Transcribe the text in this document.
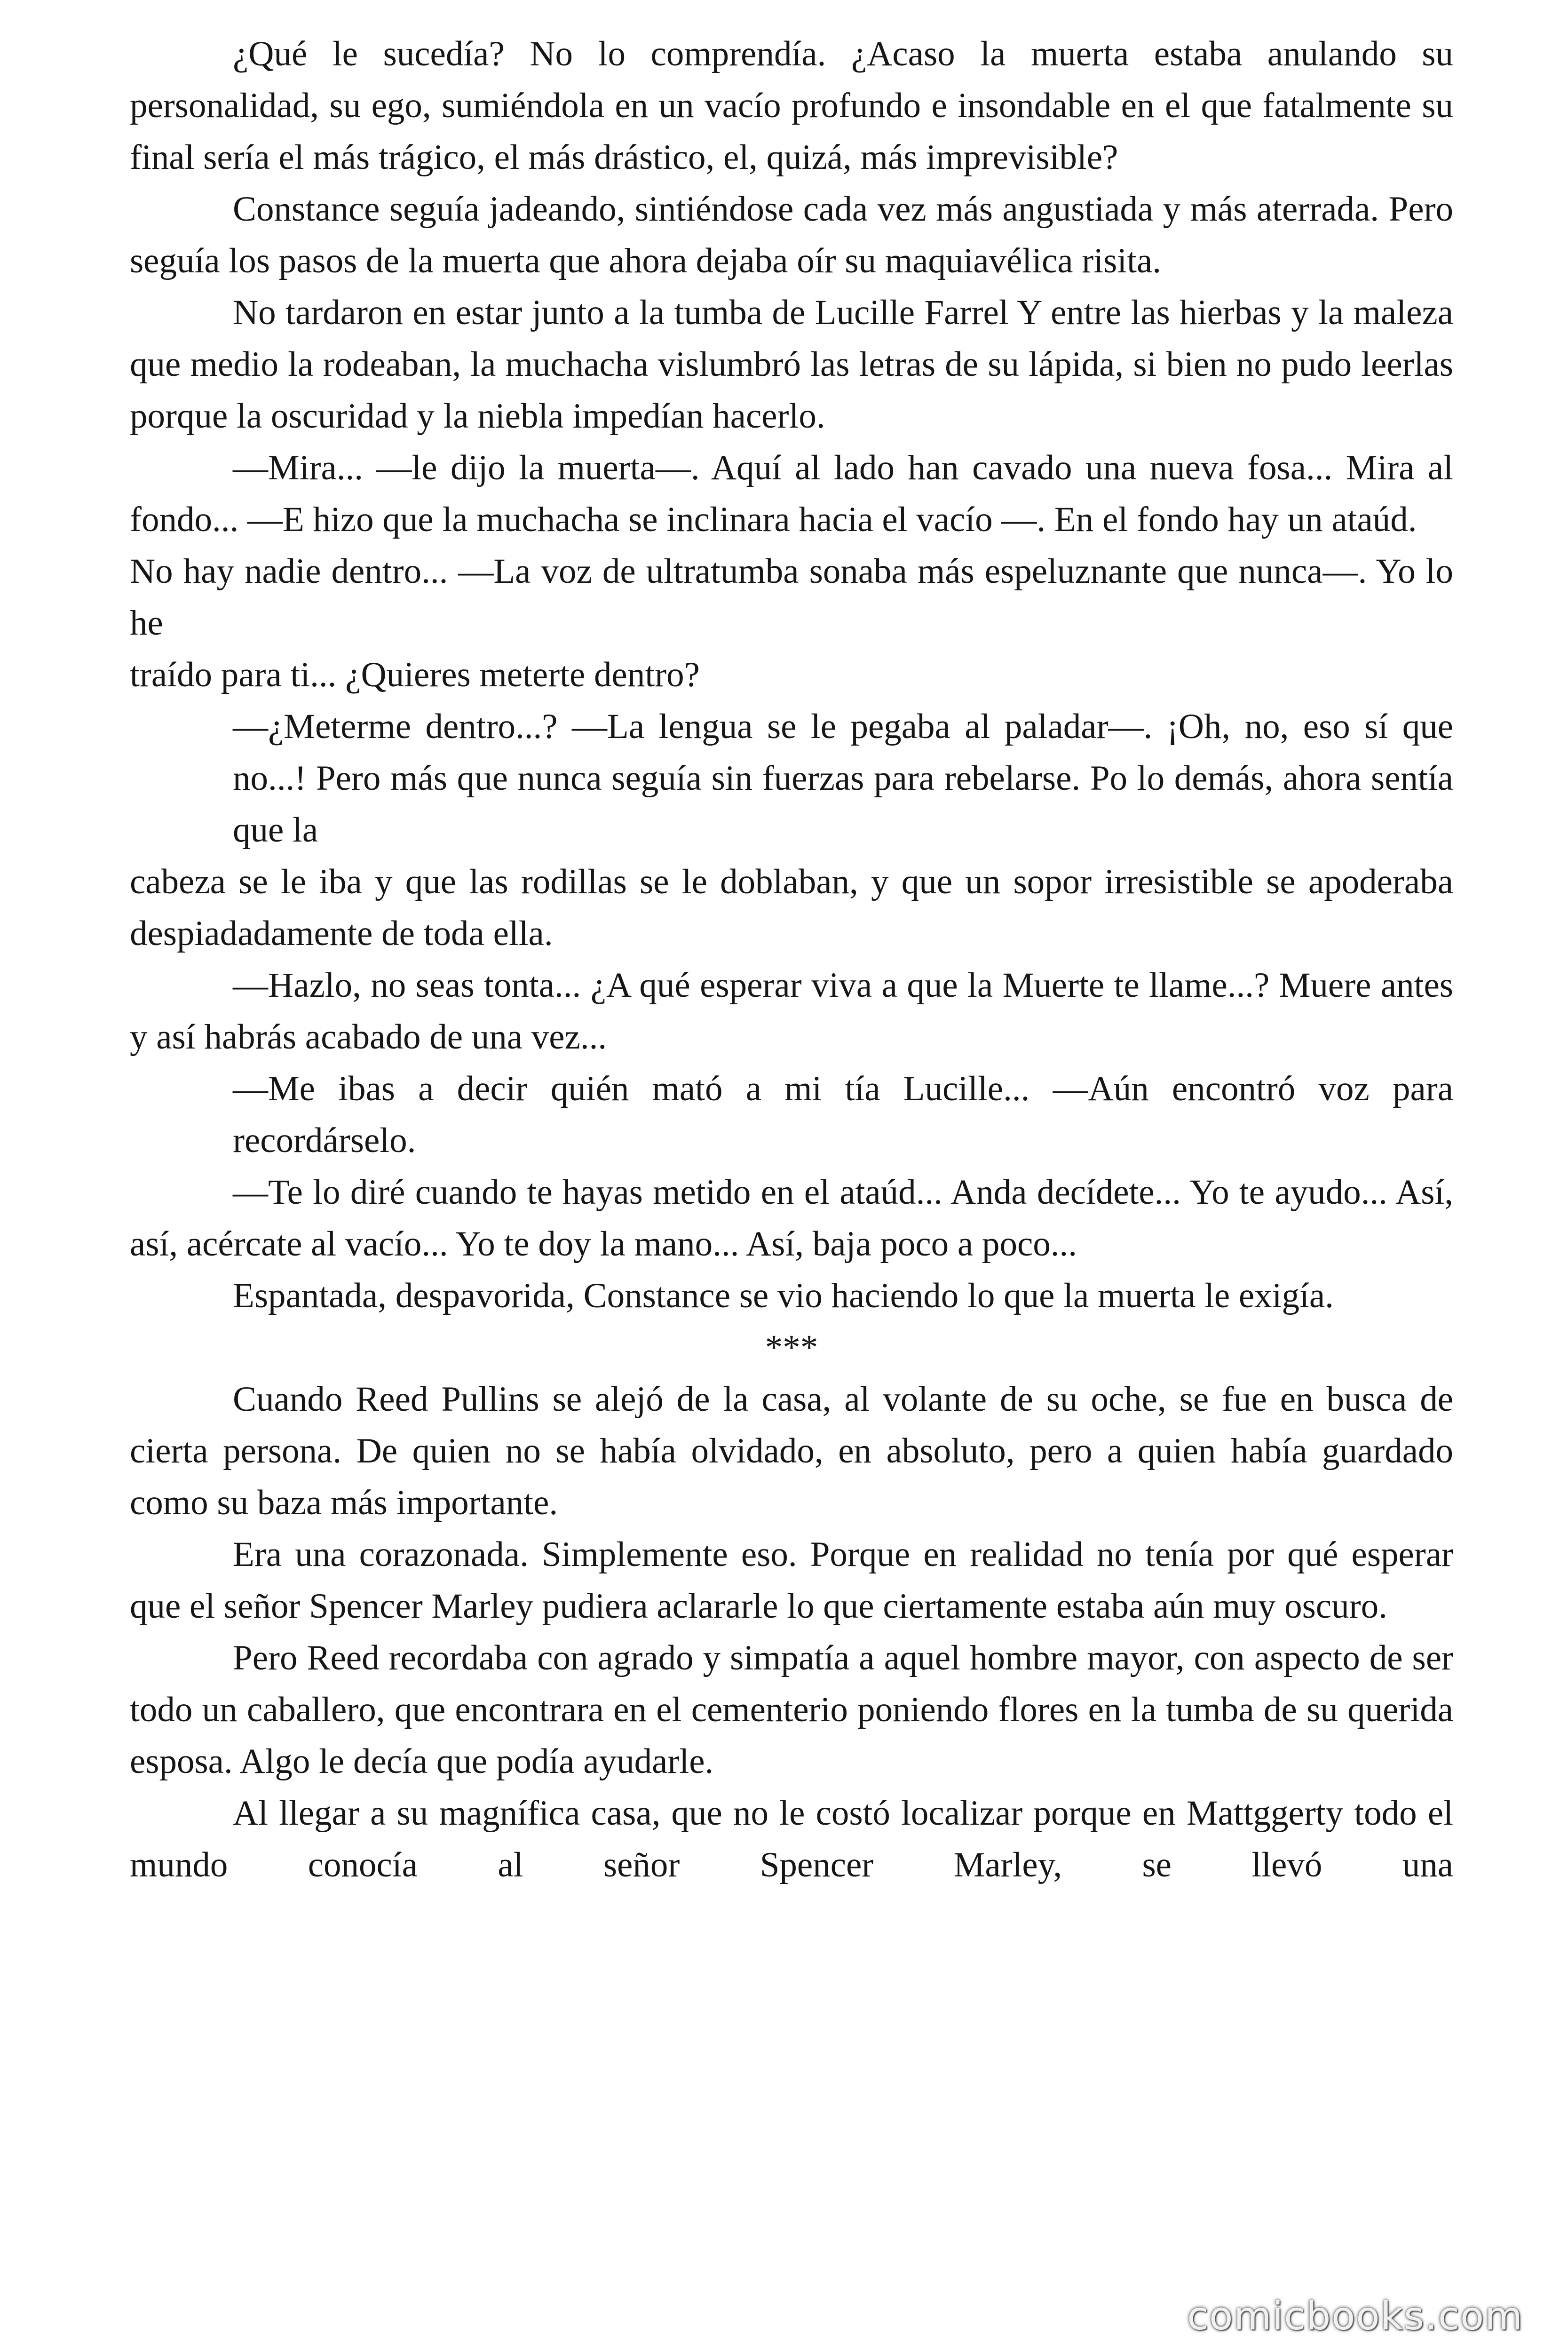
¿Qué le sucedía? No lo comprendía. ¿Acaso la muerta estaba anulando su personalidad, su ego, sumiéndola en un vacío profundo e insondable en el que fatalmente su final sería el más trágico, el más drástico, el, quizá, más imprevisible?

Constance seguía jadeando, sintiéndose cada vez más angustiada y más aterrada. Pero seguía los pasos de la muerta que ahora dejaba oír su maquiavélica risita.

No tardaron en estar junto a la tumba de Lucille Farrel Y entre las hierbas y la maleza que medio la rodeaban, la muchacha vislumbró las letras de su lápida, si bien no pudo leerlas porque la oscuridad y la niebla impedían hacerlo.

—Mira... —le dijo la muerta—. Aquí al lado han cavado una nueva fosa... Mira al fondo... —E hizo que la muchacha se inclinara hacia el vacío —. En el fondo hay un ataúd.

No hay nadie dentro... —La voz de ultratumba sonaba más espeluznante que nunca—. Yo lo he

traído para ti... ¿Quieres meterte dentro?

—¿Meterme dentro...? —La lengua se le pegaba al paladar—. ¡Oh, no, eso sí que no...! Pero más que nunca seguía sin fuerzas para rebelarse. Po lo demás, ahora sentía que la

cabeza se le iba y que las rodillas se le doblaban, y que un sopor irresistible se apoderaba despiadadamente de toda ella.

—Hazlo, no seas tonta... ¿A qué esperar viva a que la Muerte te llame...? Muere antes y así habrás acabado de una vez...

—Me ibas a decir quién mató a mi tía Lucille... —Aún encontró voz para recordárselo.

—Te lo diré cuando te hayas metido en el ataúd... Anda decídete... Yo te ayudo... Así, así, acércate al vacío... Yo te doy la mano... Así, baja poco a poco...

Espantada, despavorida, Constance se vio haciendo lo que la muerta le exigía.

***

Cuando Reed Pullins se alejó de la casa, al volante de su oche, se fue en busca de cierta persona. De quien no se había olvidado, en absoluto, pero a quien había guardado como su baza más importante.

Era una corazonada. Simplemente eso. Porque en realidad no tenía por qué esperar que el señor Spencer Marley pudiera aclararle lo que ciertamente estaba aún muy oscuro.

Pero Reed recordaba con agrado y simpatía a aquel hombre mayor, con aspecto de ser todo un caballero, que encontrara en el cementerio poniendo flores en la tumba de su querida esposa. Algo le decía que podía ayudarle.

Al llegar a su magnífica casa, que no le costó localizar porque en Mattggerty todo el mundo conocía al señor Spencer Marley, se llevó una

comicbooks.com
